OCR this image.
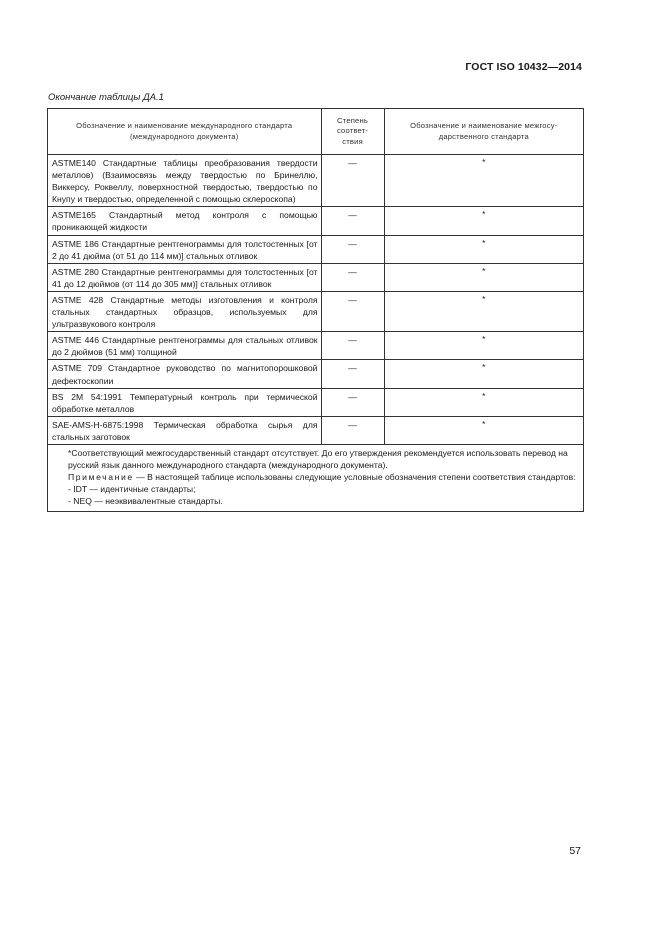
ГОСТ ISO 10432—2014
Окончание таблицы ДА.1
Обозначение и наименование международного стандарта (международного документа)	Степень соответ-ствия	Обозначение и наименование межгосу-дарственного стандарта
ASTME140 Стандартные таблицы преобразования твердости металлов) (Взаимосвязь между твердостью по Бринеллю, Виккерсу, Роквеллу, поверхностной твердостью, твердостью по Кнупу и твердостью, определенной с помощью склероскопа)	—	*
ASTME165 Стандартный метод контроля с помощью проникающей жидкости	—	*
ASTME 186 Стандартные рентгенограммы для толстостенных [от 2 до 41 дюйма (от 51 до 114 мм)] стальных отливок	—	*
ASTME 280 Стандартные рентгенограммы для толстостенных [от 41 до 12 дюймов (от 114 до 305 мм)] стальных отливок	—	*
ASTME 428 Стандартные методы изготовления и контроля стальных стандартных образцов, используемых для ультразвукового контроля	—	*
ASTME 446 Стандартные рентгенограммы для стальных отливок до 2 дюймов (51 мм) толщиной	—	*
ASTME 709 Стандартное руководство по магнитопорошковой дефектоскопии	—	*
BS 2M 54:1991 Температурный контроль при термической обработке металлов	—	*
SAE-AMS-H-6875:1998 Термическая обработка сырья для стальных заготовок	—	*

*Соответствующий межгосударственный стандарт отсутствует. До его утверждения рекомендуется использовать перевод на русский язык данного международного стандарта (международного документа).
Примечание — В настоящей таблице использованы следующие условные обозначения степени соответствия стандартов:
- IDT — идентичные стандарты;
- NEQ — неэквивалентные стандарты.		
57
